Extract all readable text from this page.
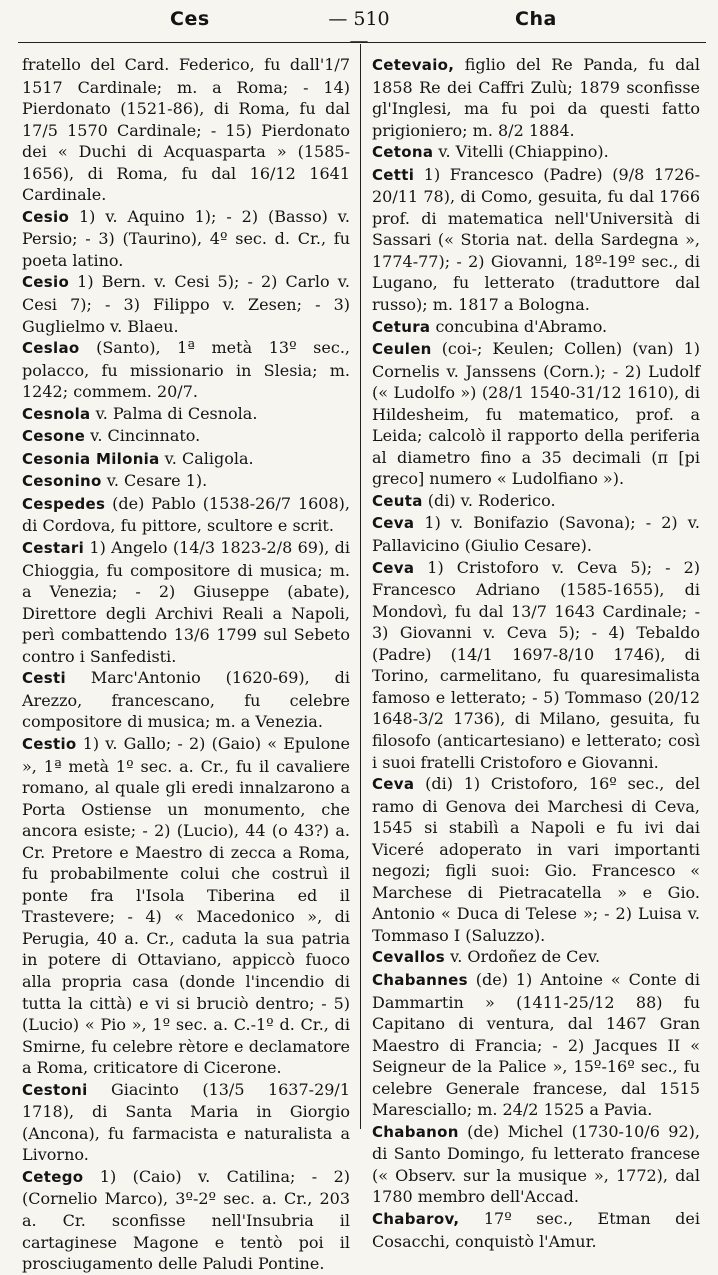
Ces	— 510 —
Cha

fratello del Card. Federico, fu dall'1/7 1517 Cardinale; m. a Roma; - 14) Pierdonato (1521-86), di Roma, fu dal 17/5 1570 Cardinale; - 15) Pierdonato dei « Duchi di Acquasparta » (1585-1656), di Roma, fu dal 16/12 1641 Cardinale.

Cesio 1) v. Aquino 1); - 2) (Basso) v. Persio; - 3) (Taurino), 4º sec. d. Cr., fu poeta latino.

Cesio 1) Bern. v. Cesi 5); - 2) Carlo v. Cesi 7); - 3) Filippo v. Zesen; - 3) Guglielmo v. Blaeu.

Ceslao (Santo), 1ª metà 13º sec., polacco, fu missionario in Slesia; m. 1242; commem. 20/7.

Cesnola v. Palma di Cesnola.

Cesone v. Cincinnato.

Cesonia Milonia v. Caligola.

Cesonino v. Cesare 1).

Cespedes (de) Pablo (1538-26/7 1608), di Cordova, fu pittore, scultore e scrit.

Cestari 1) Angelo (14/3 1823-2/8 69), di Chioggia, fu compositore di musica; m. a Venezia; - 2) Giuseppe (abate), Direttore degli Archivi Reali a Napoli, perì combattendo 13/6 1799 sul Sebeto contro i Sanfedisti.

Cesti Marc'Antonio (1620-69), di Arezzo, francescano, fu celebre compositore di musica; m. a Venezia.

Cestio 1) v. Gallo; - 2) (Gaio) « Epulone », 1ª metà 1º sec. a. Cr., fu il cavaliere romano, al quale gli eredi innalzarono a Porta Ostiense un monumento, che ancora esiste; - 2) (Lucio), 44 (o 43?) a. Cr. Pretore e Maestro di zecca a Roma, fu probabilmente colui che costruì il ponte fra l'Isola Tiberina ed il Trastevere; - 4) « Macedonico », di Perugia, 40 a. Cr., caduta la sua patria in potere di Ottaviano, appiccò fuoco alla propria casa (donde l'incendio di tutta la città) e vi si bruciò dentro; - 5) (Lucio) « Pio », 1º sec. a. C.-1º d. Cr., di Smirne, fu celebre rètore e declamatore a Roma, criticatore di Cicerone.

Cestoni Giacinto (13/5 1637-29/1 1718), di Santa Maria in Giorgio (Ancona), fu farmacista e naturalista a Livorno.

Cetego 1) (Caio) v. Catilina; - 2) (Cornelio Marco), 3º-2º sec. a. Cr., 203 a. Cr. sconfisse nell'Insubria il cartaginese Magone e tentò poi il prosciugamento delle Paludi Pontine.

Cetevaio, figlio del Re Panda, fu dal 1858 Re dei Caffri Zulù; 1879 sconfisse gl'Inglesi, ma fu poi da questi fatto prigioniero; m. 8/2 1884.

Cetona v. Vitelli (Chiappino).

Cetti 1) Francesco (Padre) (9/8 1726-20/11 78), di Como, gesuita, fu dal 1766 prof. di matematica nell'Università di Sassari (« Storia nat. della Sardegna », 1774-77); - 2) Giovanni, 18º-19º sec., di Lugano, fu letterato (traduttore dal russo); m. 1817 a Bologna.

Cetura concubina d'Abramo.

Ceulen (coi-; Keulen; Collen) (van) 1) Cornelis v. Janssens (Corn.); - 2) Ludolf (« Ludolfo ») (28/1 1540-31/12 1610), di Hildesheim, fu matematico, prof. a Leida; calcolò il rapporto della periferia al diametro fino a 35 decimali (π [pi greco] numero « Ludolfiano »).

Ceuta (di) v. Roderico.

Ceva 1) v. Bonifazio (Savona); - 2) v. Pallavicino (Giulio Cesare).

Ceva 1) Cristoforo v. Ceva 5); - 2) Francesco Adriano (1585-1655), di Mondovì, fu dal 13/7 1643 Cardinale; - 3) Giovanni v. Ceva 5); - 4) Tebaldo (Padre) (14/1 1697-8/10 1746), di Torino, carmelitano, fu quaresimalista famoso e letterato; - 5) Tommaso (20/12 1648-3/2 1736), di Milano, gesuita, fu filosofo (anticartesiano) e letterato; così i suoi fratelli Cristoforo e Giovanni.

Ceva (di) 1) Cristoforo, 16º sec., del ramo di Genova dei Marchesi di Ceva, 1545 si stabilì a Napoli e fu ivi dai Viceré adoperato in vari importanti negozi; figli suoi: Gio. Francesco « Marchese di Pietracatella » e Gio. Antonio « Duca di Telese »; - 2) Luisa v. Tommaso I (Saluzzo).

Cevallos v. Ordoñez de Cev.

Chabannes (de) 1) Antoine « Conte di Dammartin » (1411-25/12 88) fu Capitano di ventura, dal 1467 Gran Maestro di Francia; - 2) Jacques II « Seigneur de la Palice », 15º-16º sec., fu celebre Generale francese, dal 1515 Maresciallo; m. 24/2 1525 a Pavia.

Chabanon (de) Michel (1730-10/6 92), di Santo Domingo, fu letterato francese (« Observ. sur la musique », 1772), dal 1780 membro dell'Accad.

Chabarov, 17º sec., Etman dei Cosacchi, conquistò l'Amur.
